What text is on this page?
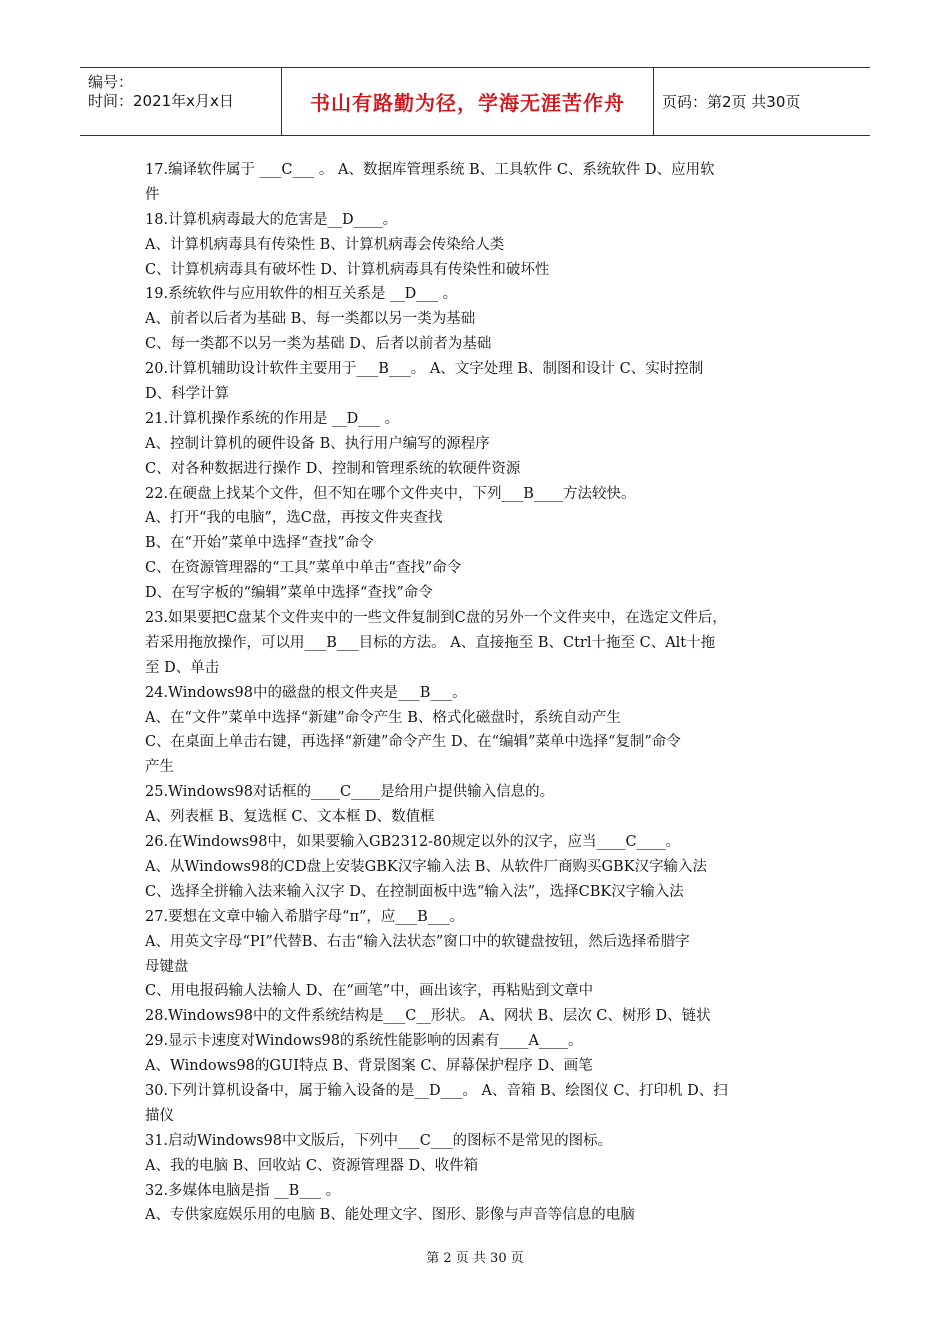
编号：
时间：2021年x月x日	书山有路勤为径，学海无涯苦作舟	页码：第2页 共30页
17.编译软件属于 ___C___ 。 A、数据库管理系统 B、工具软件 C、系统软件 D、应用软
件
18.计算机病毒最大的危害是__D____。
A、计算机病毒具有传染性 B、计算机病毒会传染给人类
C、计算机病毒具有破坏性 D、计算机病毒具有传染性和破坏性
19.系统软件与应用软件的相互关系是 __D___ 。
A、前者以后者为基础 B、每一类都以另一类为基础
C、每一类都不以另一类为基础 D、后者以前者为基础
20.计算机辅助设计软件主要用于___B___。 A、文字处理 B、制图和设计 C、实时控制
D、科学计算
21.计算机操作系统的作用是 __D___ 。
A、控制计算机的硬件设备 B、执行用户编写的源程序
C、对各种数据进行操作 D、控制和管理系统的软硬件资源
22.在硬盘上找某个文件，但不知在哪个文件夹中，下列___B____方法较快。
A、打开“我的电脑”，选C盘，再按文件夹查找
B、在“开始”菜单中选择“查找”命令
C、在资源管理器的“工具”菜单中单击“查找”命令
D、在写字板的“编辑”菜单中选择“查找”命令
23.如果要把C盘某个文件夹中的一些文件复制到C盘的另外一个文件夹中，在选定文件后，
若采用拖放操作，可以用___B___目标的方法。 A、直接拖至 B、Ctrl十拖至 C、Alt十拖
至 D、单击
24.Windows98中的磁盘的根文件夹是___B___。
A、在“文件”菜单中选择“新建”命令产生 B、格式化磁盘时，系统自动产生
C、在桌面上单击右键，再选择“新建”命令产生 D、在“编辑”菜单中选择“复制”命令
产生
25.Windows98对话框的____C____是给用户提供输入信息的。
A、列表框 B、复选框 C、文本框 D、数值框
26.在Windows98中，如果要输入GB2312-80规定以外的汉字，应当____C____。
A、从Windows98的CD盘上安装GBK汉字输入法 B、从软件厂商购买GBK汉字输入法
C、选择全拼输入法来输入汉字 D、在控制面板中选“输入法”，选择CBK汉字输入法
27.要想在文章中输入希腊字母“π”，应___B___。
A、用英文字母“PI”代替B、右击“输入法状态”窗口中的软键盘按钮，然后选择希腊字
母键盘
C、用电报码输人法输人 D、在“画笔”中，画出该字，再粘贴到文章中
28.Windows98中的文件系统结构是___C__形状。 A、网状 B、层次 C、树形 D、链状
29.显示卡速度对Windows98的系统性能影响的因素有____A____。
A、Windows98的GUI特点 B、背景图案 C、屏幕保护程序 D、画笔
30.下列计算机设备中，属于输入设备的是__D___。 A、音箱 B、绘图仪 C、打印机 D、扫
描仪
31.启动Windows98中文版后，下列中___C___的图标不是常见的图标。
A、我的电脑 B、回收站 C、资源管理器 D、收件箱
32.多媒体电脑是指 __B___ 。
A、专供家庭娱乐用的电脑 B、能处理文字、图形、影像与声音等信息的电脑
第 2 页 共 30 页
